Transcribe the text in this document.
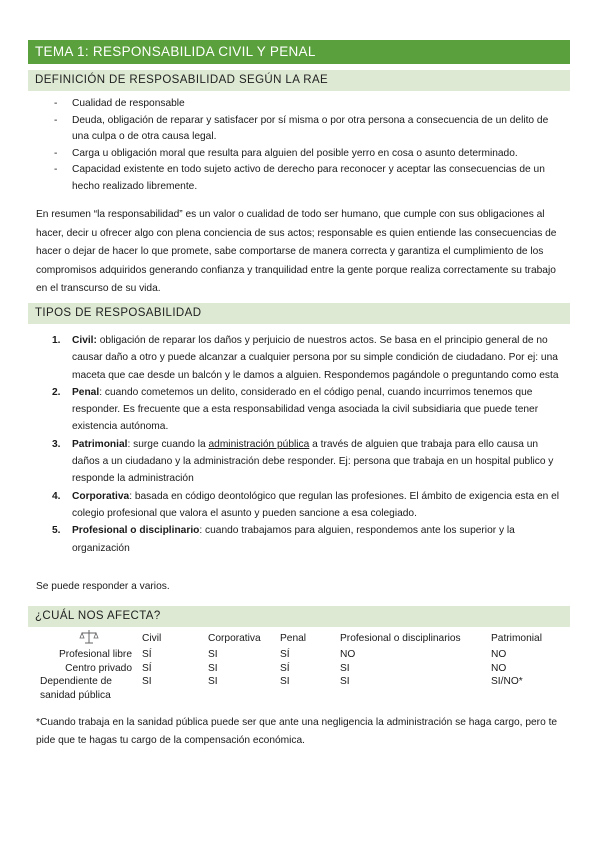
TEMA 1: RESPONSABILIDA CIVIL Y PENAL
DEFINICIÓN DE RESPOSABILIDAD SEGÚN LA RAE
- Cualidad de responsable
- Deuda, obligación de reparar y satisfacer por sí misma o por otra persona a consecuencia de un delito de una culpa o de otra causa legal.
- Carga u obligación moral que resulta para alguien del posible yerro en cosa o asunto determinado.
- Capacidad existente en todo sujeto activo de derecho para reconocer y aceptar las consecuencias de un hecho realizado libremente.

En resumen “la responsabilidad” es un valor o cualidad de todo ser humano, que cumple con sus obligaciones al hacer, decir u ofrecer algo con plena conciencia de sus actos; responsable es quien entiende las consecuencias de hacer o dejar de hacer lo que promete, sabe comportarse de manera correcta y garantiza el cumplimiento de los compromisos adquiridos generando confianza y tranquilidad entre la gente porque realiza correctamente su trabajo en el transcurso de su vida.

TIPOS DE RESPOSABILIDAD
1. Civil: obligación de reparar los daños y perjuicio de nuestros actos. Se basa en el principio general de no causar daño a otro y puede alcanzar a cualquier persona por su simple condición de ciudadano. Por ej: una maceta que cae desde un balcón y le damos a alguien. Respondemos pagándole o preguntando como esta
2. Penal: cuando cometemos un delito, considerado en el código penal, cuando incurrimos tenemos que responder. Es frecuente que a esta responsabilidad venga asociada la civil subsidiaria que puede tener existencia autónoma.
3. Patrimonial: surge cuando la administración pública a través de alguien que trabaja para ello causa un daños a un ciudadano y la administración debe responder. Ej: persona que trabaja en un hospital publico y responde la administración
4. Corporativa: basada en código deontológico que regulan las profesiones. El ámbito de exigencia esta en el colegio profesional que valora el asunto y pueden sancione a esa colegiado.
5. Profesional o disciplinario: cuando trabajamos para alguien, respondemos ante los superior y la organización

Se puede responder a varios.

¿CUÁL NOS AFECTA?
	Civil	Corporativa	Penal	Profesional o disciplinarios	Patrimonial
Profesional libre	SÍ	SI	SÍ	NO	NO
Centro privado	SÍ	SI	SÍ	SI	NO
Dependiente de sanidad pública	SI	SI	SI	SI	SI/NO*

*Cuando trabaja en la sanidad pública puede ser que ante una negligencia la administración se haga cargo, pero te pide que te hagas tu cargo de la compensación económica.
